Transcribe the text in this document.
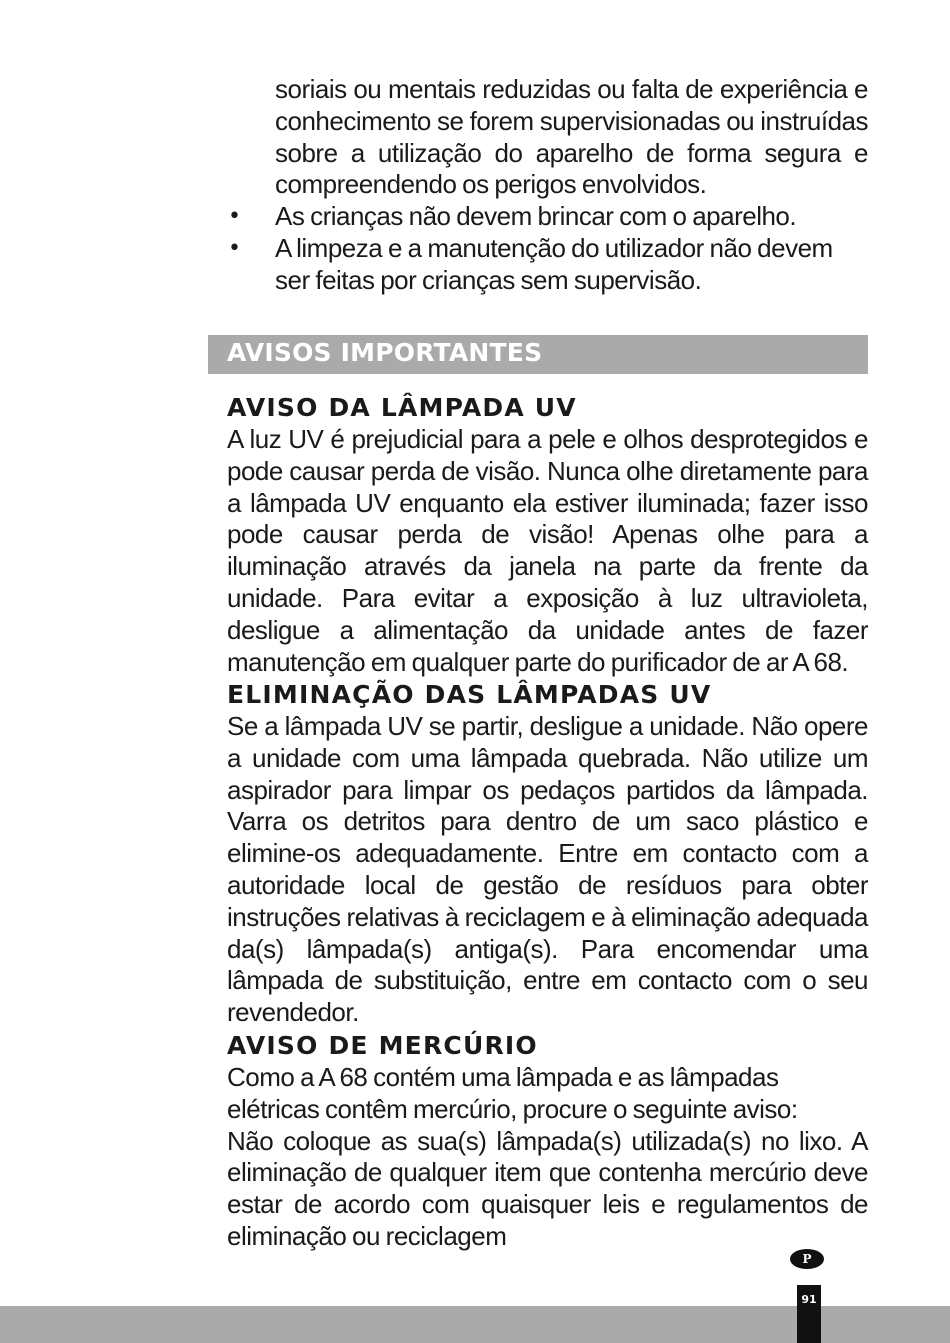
soriais ou mentais reduzidas ou falta de experiência e conhecimento se forem supervisionadas ou instruídas sobre a utilização do aparelho de forma segura e compreendendo os perigos envolvidos.
• As crianças não devem brincar com o aparelho.
• A limpeza e a manutenção do utilizador não devem ser feitas por crianças sem supervisão.
AVISOS IMPORTANTES
AVISO DA LÂMPADA UV

A luz UV é prejudicial para a pele e olhos desprotegidos e pode causar perda de visão. Nunca olhe diretamente para a lâmpada UV enquanto ela estiver iluminada; fazer isso pode causar perda de visão! Apenas olhe para a iluminação através da janela na parte da frente da unidade. Para evitar a exposição à luz ultravioleta, desligue a alimentação da unidade antes de fazer manutenção em qualquer parte do purificador de ar A 68.

ELIMINAÇÃO DAS LÂMPADAS UV

Se a lâmpada UV se partir, desligue a unidade. Não opere a unidade com uma lâmpada quebrada. Não utilize um aspirador para limpar os pedaços partidos da lâmpada. Varra os detritos para dentro de um saco plástico e elimine-os adequadamente. Entre em contacto com a autoridade local de gestão de resíduos para obter instruções relativas à reciclagem e à eliminação adequada da(s) lâmpada(s) antiga(s). Para encomendar uma lâmpada de substituição, entre em contacto com o seu revendedor.

AVISO DE MERCÚRIO

Como a A 68 contém uma lâmpada e as lâmpadas elétricas contêm mercúrio, procure o seguinte aviso:

Não coloque as sua(s) lâmpada(s) utilizada(s) no lixo. A eliminação de qualquer item que contenha mercúrio deve estar de acordo com quaisquer leis e regulamentos de eliminação ou reciclagem

P
91
